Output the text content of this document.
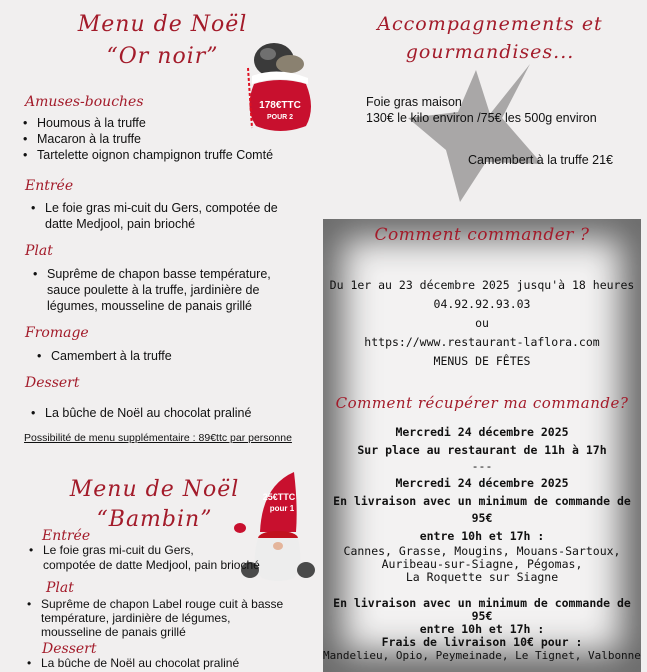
Menu de Noël
“Or noir”
178€TTC
POUR 2
Amuses-bouches
• Houmous à la truffe
• Macaron à la truffe
• Tartelette oignon champignon truffe Comté
Entrée
• Le foie gras mi-cuit du Gers, compotée de
datte Medjool, pain brioché
Plat
• Suprême de chapon basse température,
sauce poulette à la truffe, jardinière de
légumes, mousseline de panais grillé
Fromage
• Camembert à la truffe
Dessert
• La bûche de Noël au chocolat praliné
Possibilité de menu supplémentaire : 89€ttc par personne
Menu de Noël
“Bambin”
25€TTC
pour 1
Entrée
• Le foie gras mi-cuit du Gers,
compotée de datte Medjool, pain brioché
Plat
• Suprême de chapon Label rouge cuit à basse
température, jardinière de légumes,
mousseline de panais grillé
Dessert
• La bûche de Noël au chocolat praliné
Accompagnements et
gourmandises...
Foie gras maison
130€ le kilo environ /75€ les 500g environ
Camembert à la truffe 21€
Comment commander ?
Du 1er au 23 décembre 2025 jusqu'à 18 heures
04.92.92.93.03
ou
https://www.restaurant-laflora.com
MENUS DE FÊTES
Comment récupérer ma commande?
Mercredi 24 décembre 2025
Sur place au restaurant de 11h à 17h
---
Mercredi 24 décembre 2025
En livraison avec un minimum de commande de
95€
entre 10h et 17h :
Cannes, Grasse, Mougins, Mouans-Sartoux,
Auribeau-sur-Siagne, Pégomas,
La Roquette sur Siagne
En livraison avec un minimum de commande de
95€
entre 10h et 17h :
Frais de livraison 10€ pour :
Mandelieu, Opio, Peymeinade, Le Tignet, Valbonne
